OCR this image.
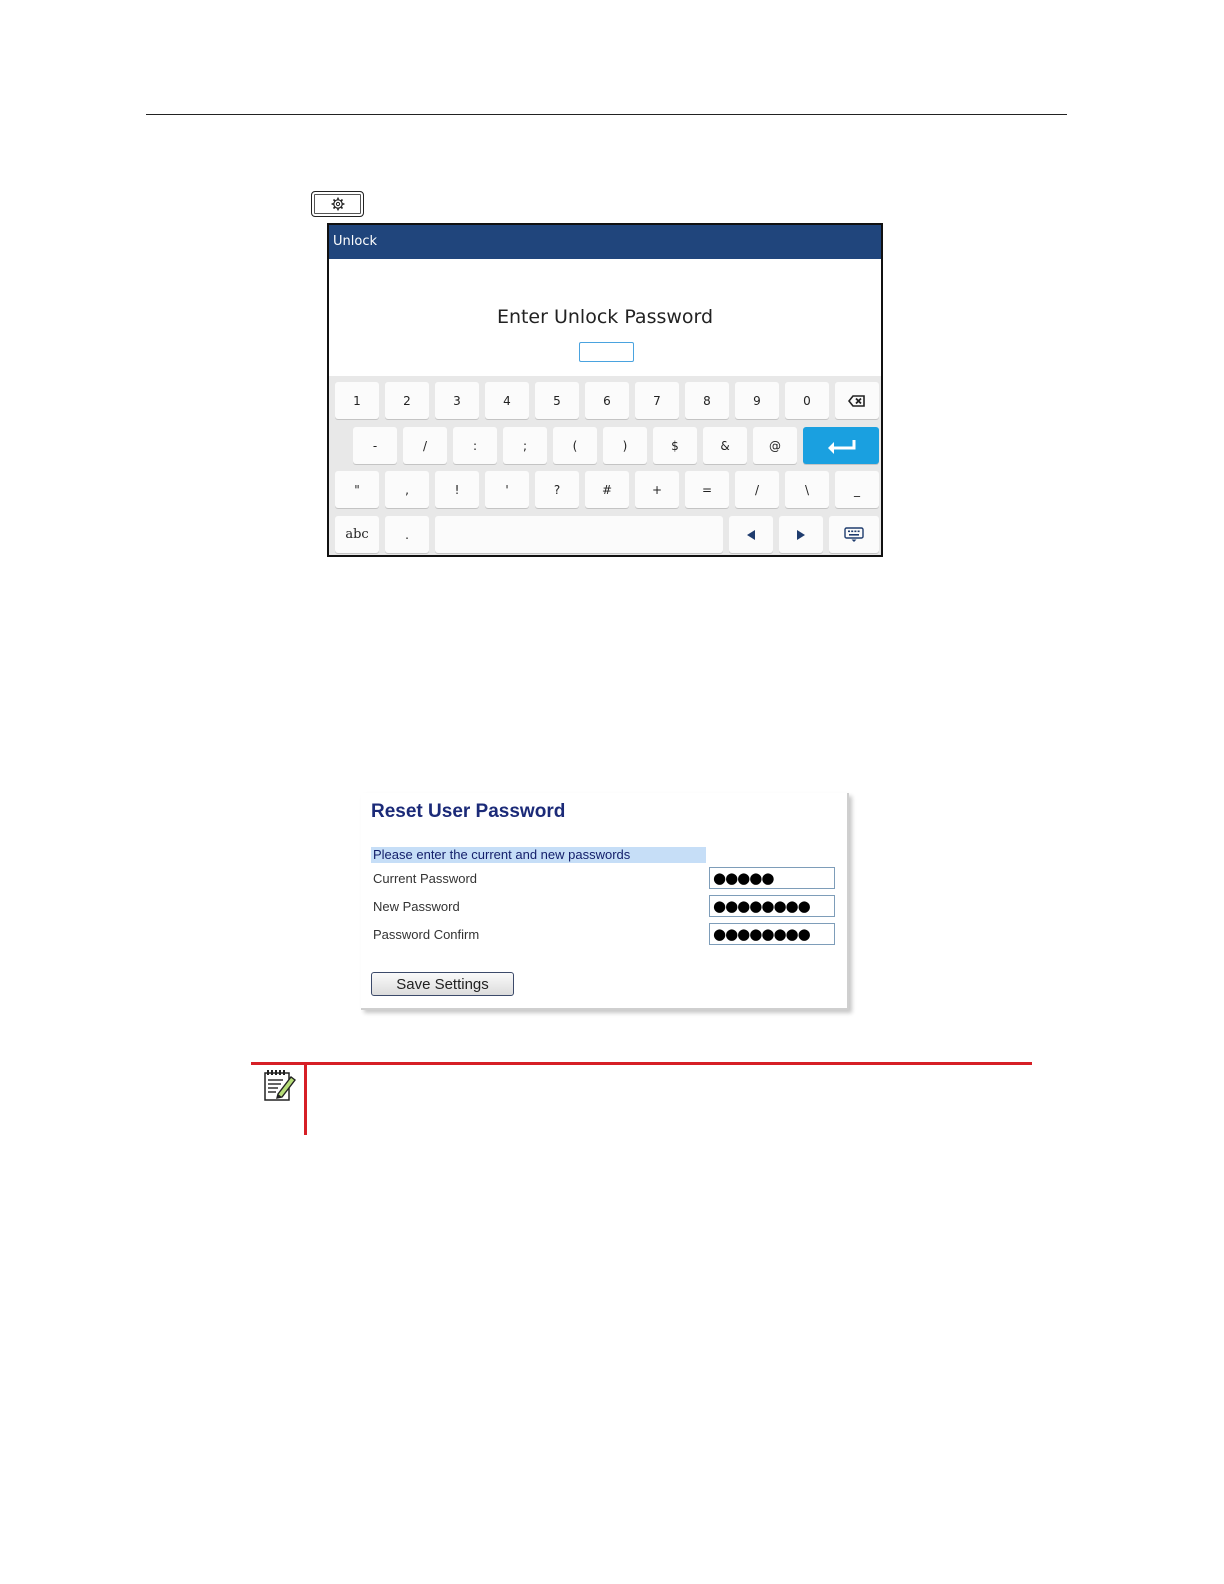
Unlock
Enter Unlock Password
1	2	3	4	5	6	7	8	9	0
-	/	:	;	(	)	$	&	@
"	,	!	'	?	#	+	=	/	\	_
abc	.
Reset User Password
Please enter the current and new passwords
Current Password	●●●●●
New Password	●●●●●●●●
Password Confirm	●●●●●●●●
Save Settings
